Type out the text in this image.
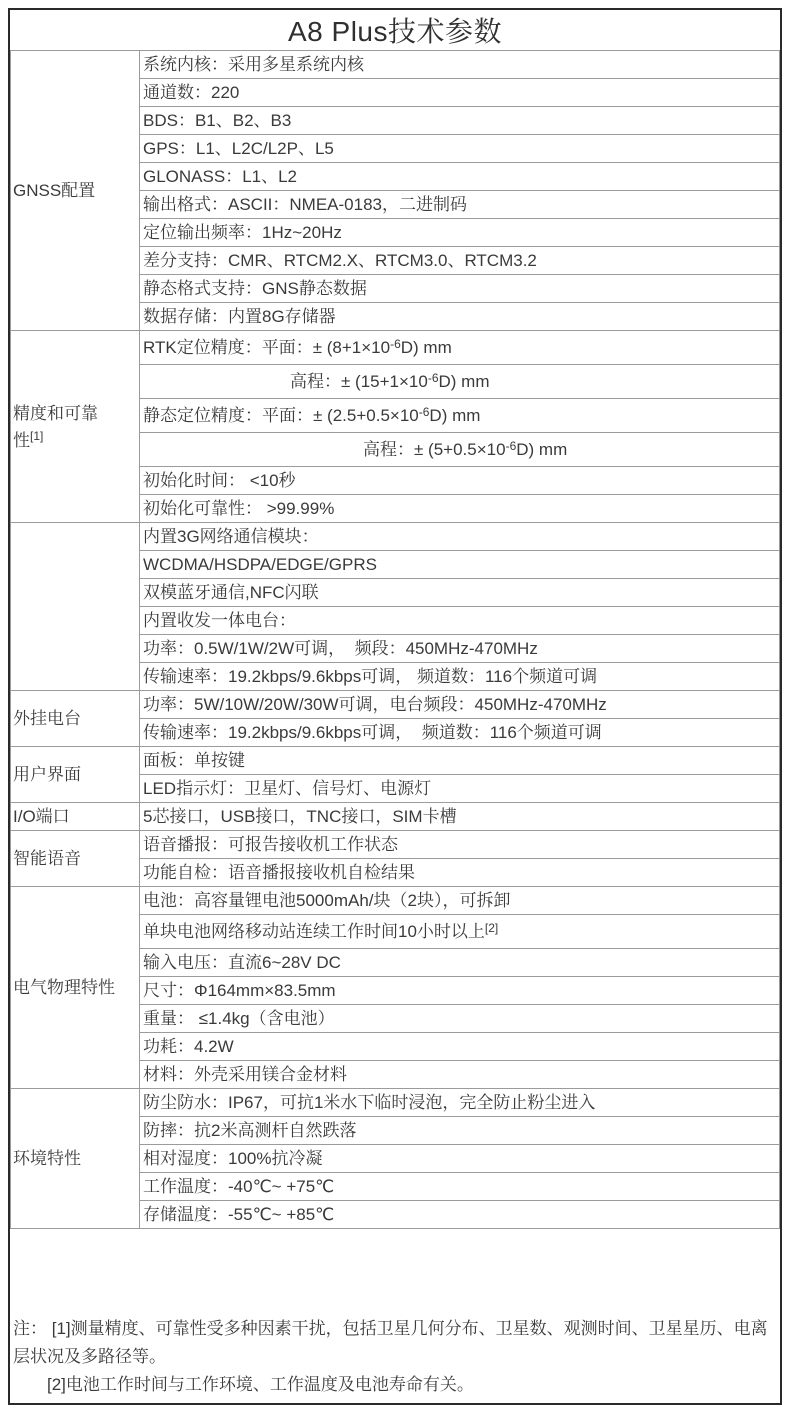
A8 Plus技术参数	
GNSS配置	系统内核：采用多星系统内核
	通道数：220
	BDS：B1、B2、B3
	GPS：L1、L2C/L2P、L5
	GLONASS：L1、L2
	输出格式：ASCII：NMEA-0183，二进制码
	定位输出频率：1Hz~20Hz
	差分支持：CMR、RTCM2.X、RTCM3.0、RTCM3.2
	静态格式支持：GNS静态数据
	数据存储：内置8G存储器
精度和可靠
性[1]	RTK定位精度：平面：± $(8+1\times 10^{-6}D)$ mm
	高程：± $(15+1\times 10^{-6}D)$ mm
	静态定位精度：平面：± $(2.5+0.5\times 10^{-6}D)$ mm
	高程：± $(5+0.5\times 10^{-6}D)$ mm
	初始化时间： <10秒
	初始化可靠性： >99.99%
	内置3G网络通信模块：
	WCDMA/HSDPA/EDGE/GPRS
	双模蓝牙通信,NFC闪联
	内置收发一体电台：
	功率：0.5W/1W/2W可调，  频段：450MHz-470MHz
	传输速率：19.2kbps/9.6kbps可调， 频道数：116个频道可调
外挂电台	功率：5W/10W/20W/30W可调，电台频段：450MHz-470MHz
	传输速率：19.2kbps/9.6kbps可调，  频道数：116个频道可调
用户界面	面板：单按键
	LED指示灯：卫星灯、信号灯、电源灯
I/O端口	5芯接口，USB接口，TNC接口，SIM卡槽
智能语音	语音播报：可报告接收机工作状态
	功能自检：语音播报接收机自检结果
电气物理特性	电池：高容量锂电池5000mAh/块（2块），可拆卸
	单块电池网络移动站连续工作时间10小时以上[2]
	输入电压：直流6~28V DC
	尺寸：Φ164mm×83.5mm
	重量： ≤1.4kg（含电池）
	功耗：4.2W
	材料：外壳采用镁合金材料
环境特性	防尘防水：IP67，可抗1米水下临时浸泡，完全防止粉尘进入
	防摔：抗2米高测杆自然跌落
	相对湿度：100%抗冷凝
	工作温度：-40℃~ +75℃
	存储温度：-55℃~ +85℃

注： [1]测量精度、可靠性受多种因素干扰，包括卫星几何分布、卫星数、观测时间、卫星星历、电离层状况及多路径等。
[2]电池工作时间与工作环境、工作温度及电池寿命有关。
